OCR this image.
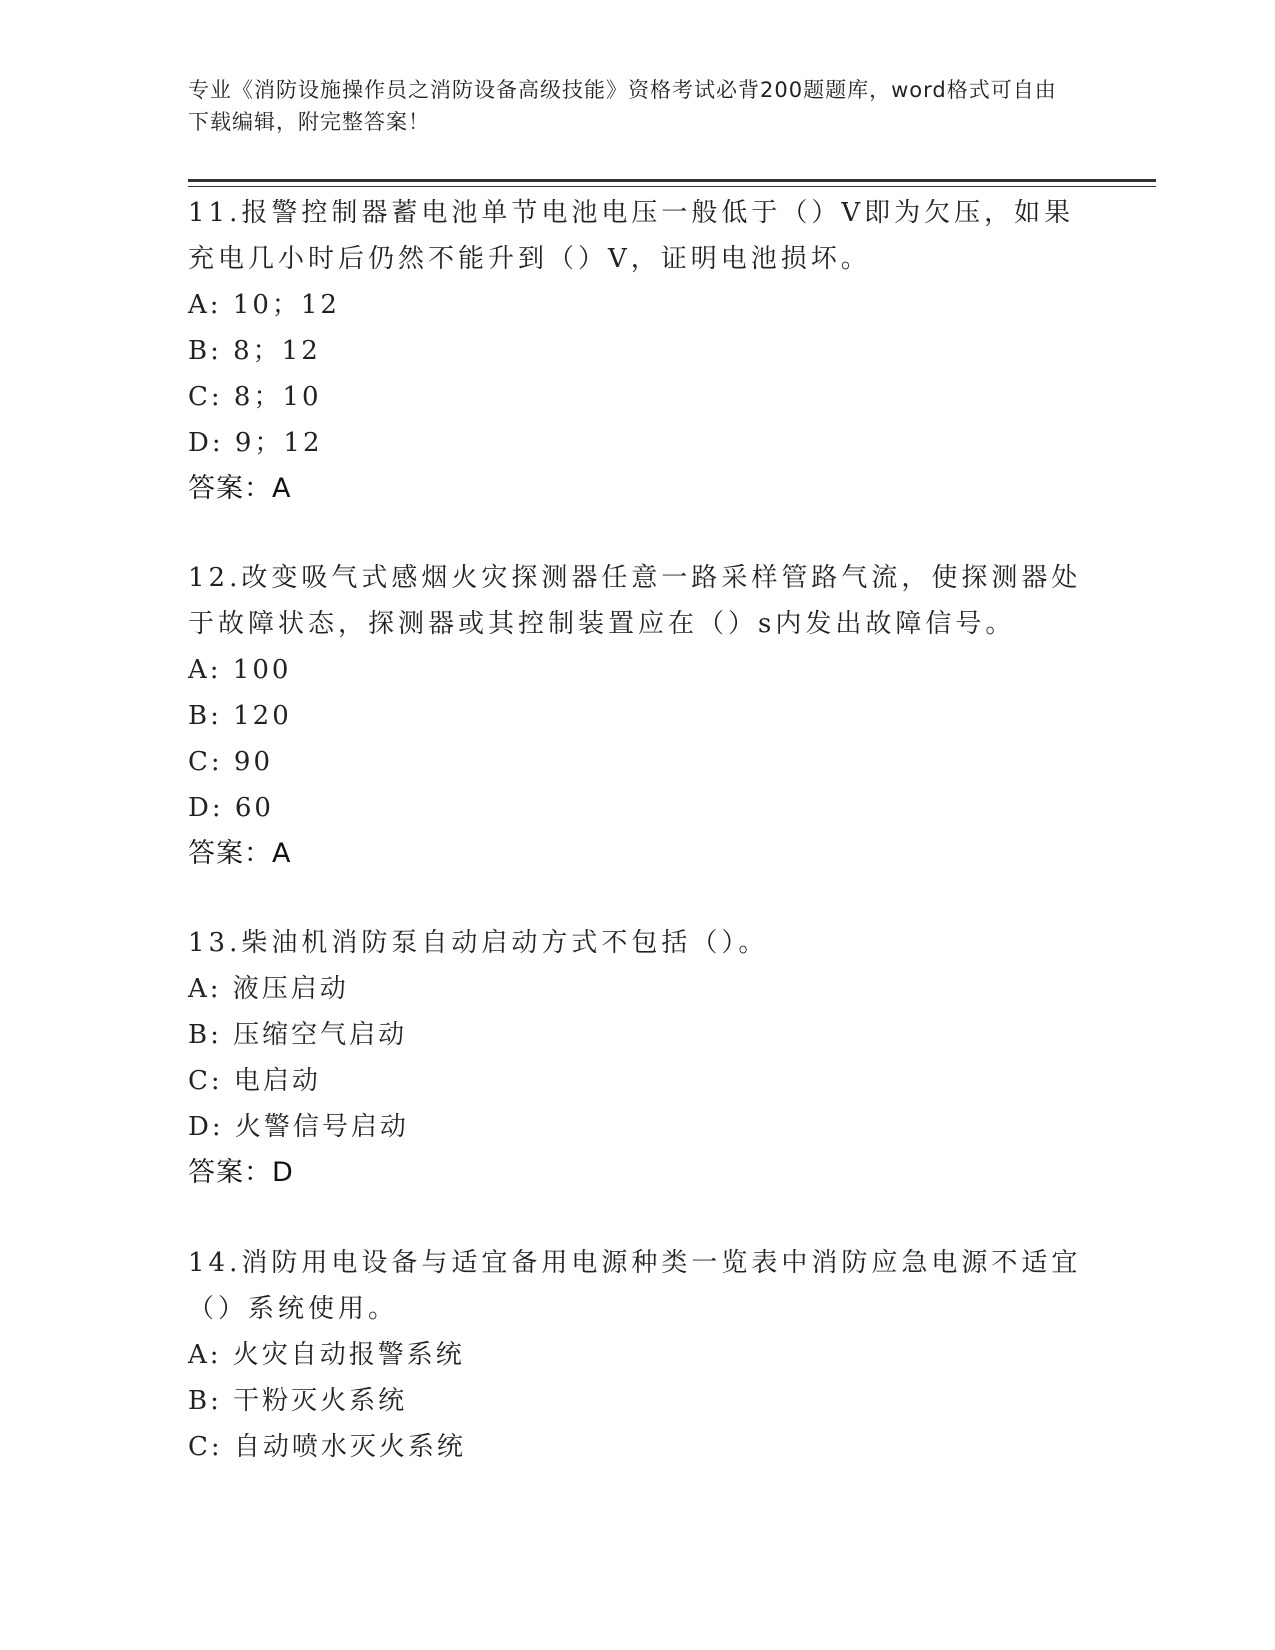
专业《消防设施操作员之消防设备高级技能》资格考试必背200题题库，word格式可自由下载编辑，附完整答案！

11.报警控制器蓄电池单节电池电压一般低于（）V即为欠压，如果充电几小时后仍然不能升到（）V，证明电池损坏。

A: 10；12

B: 8；12

C: 8；10

D: 9；12

答案：A

12.改变吸气式感烟火灾探测器任意一路采样管路气流，使探测器处于故障状态，探测器或其控制装置应在（）s内发出故障信号。

A: 100

B: 120

C: 90

D: 60

答案：A

13.柴油机消防泵自动启动方式不包括（）。

A: 液压启动

B: 压缩空气启动

C: 电启动

D: 火警信号启动

答案：D

14.消防用电设备与适宜备用电源种类一览表中消防应急电源不适宜（）系统使用。

A: 火灾自动报警系统

B: 干粉灭火系统

C: 自动喷水灭火系统
